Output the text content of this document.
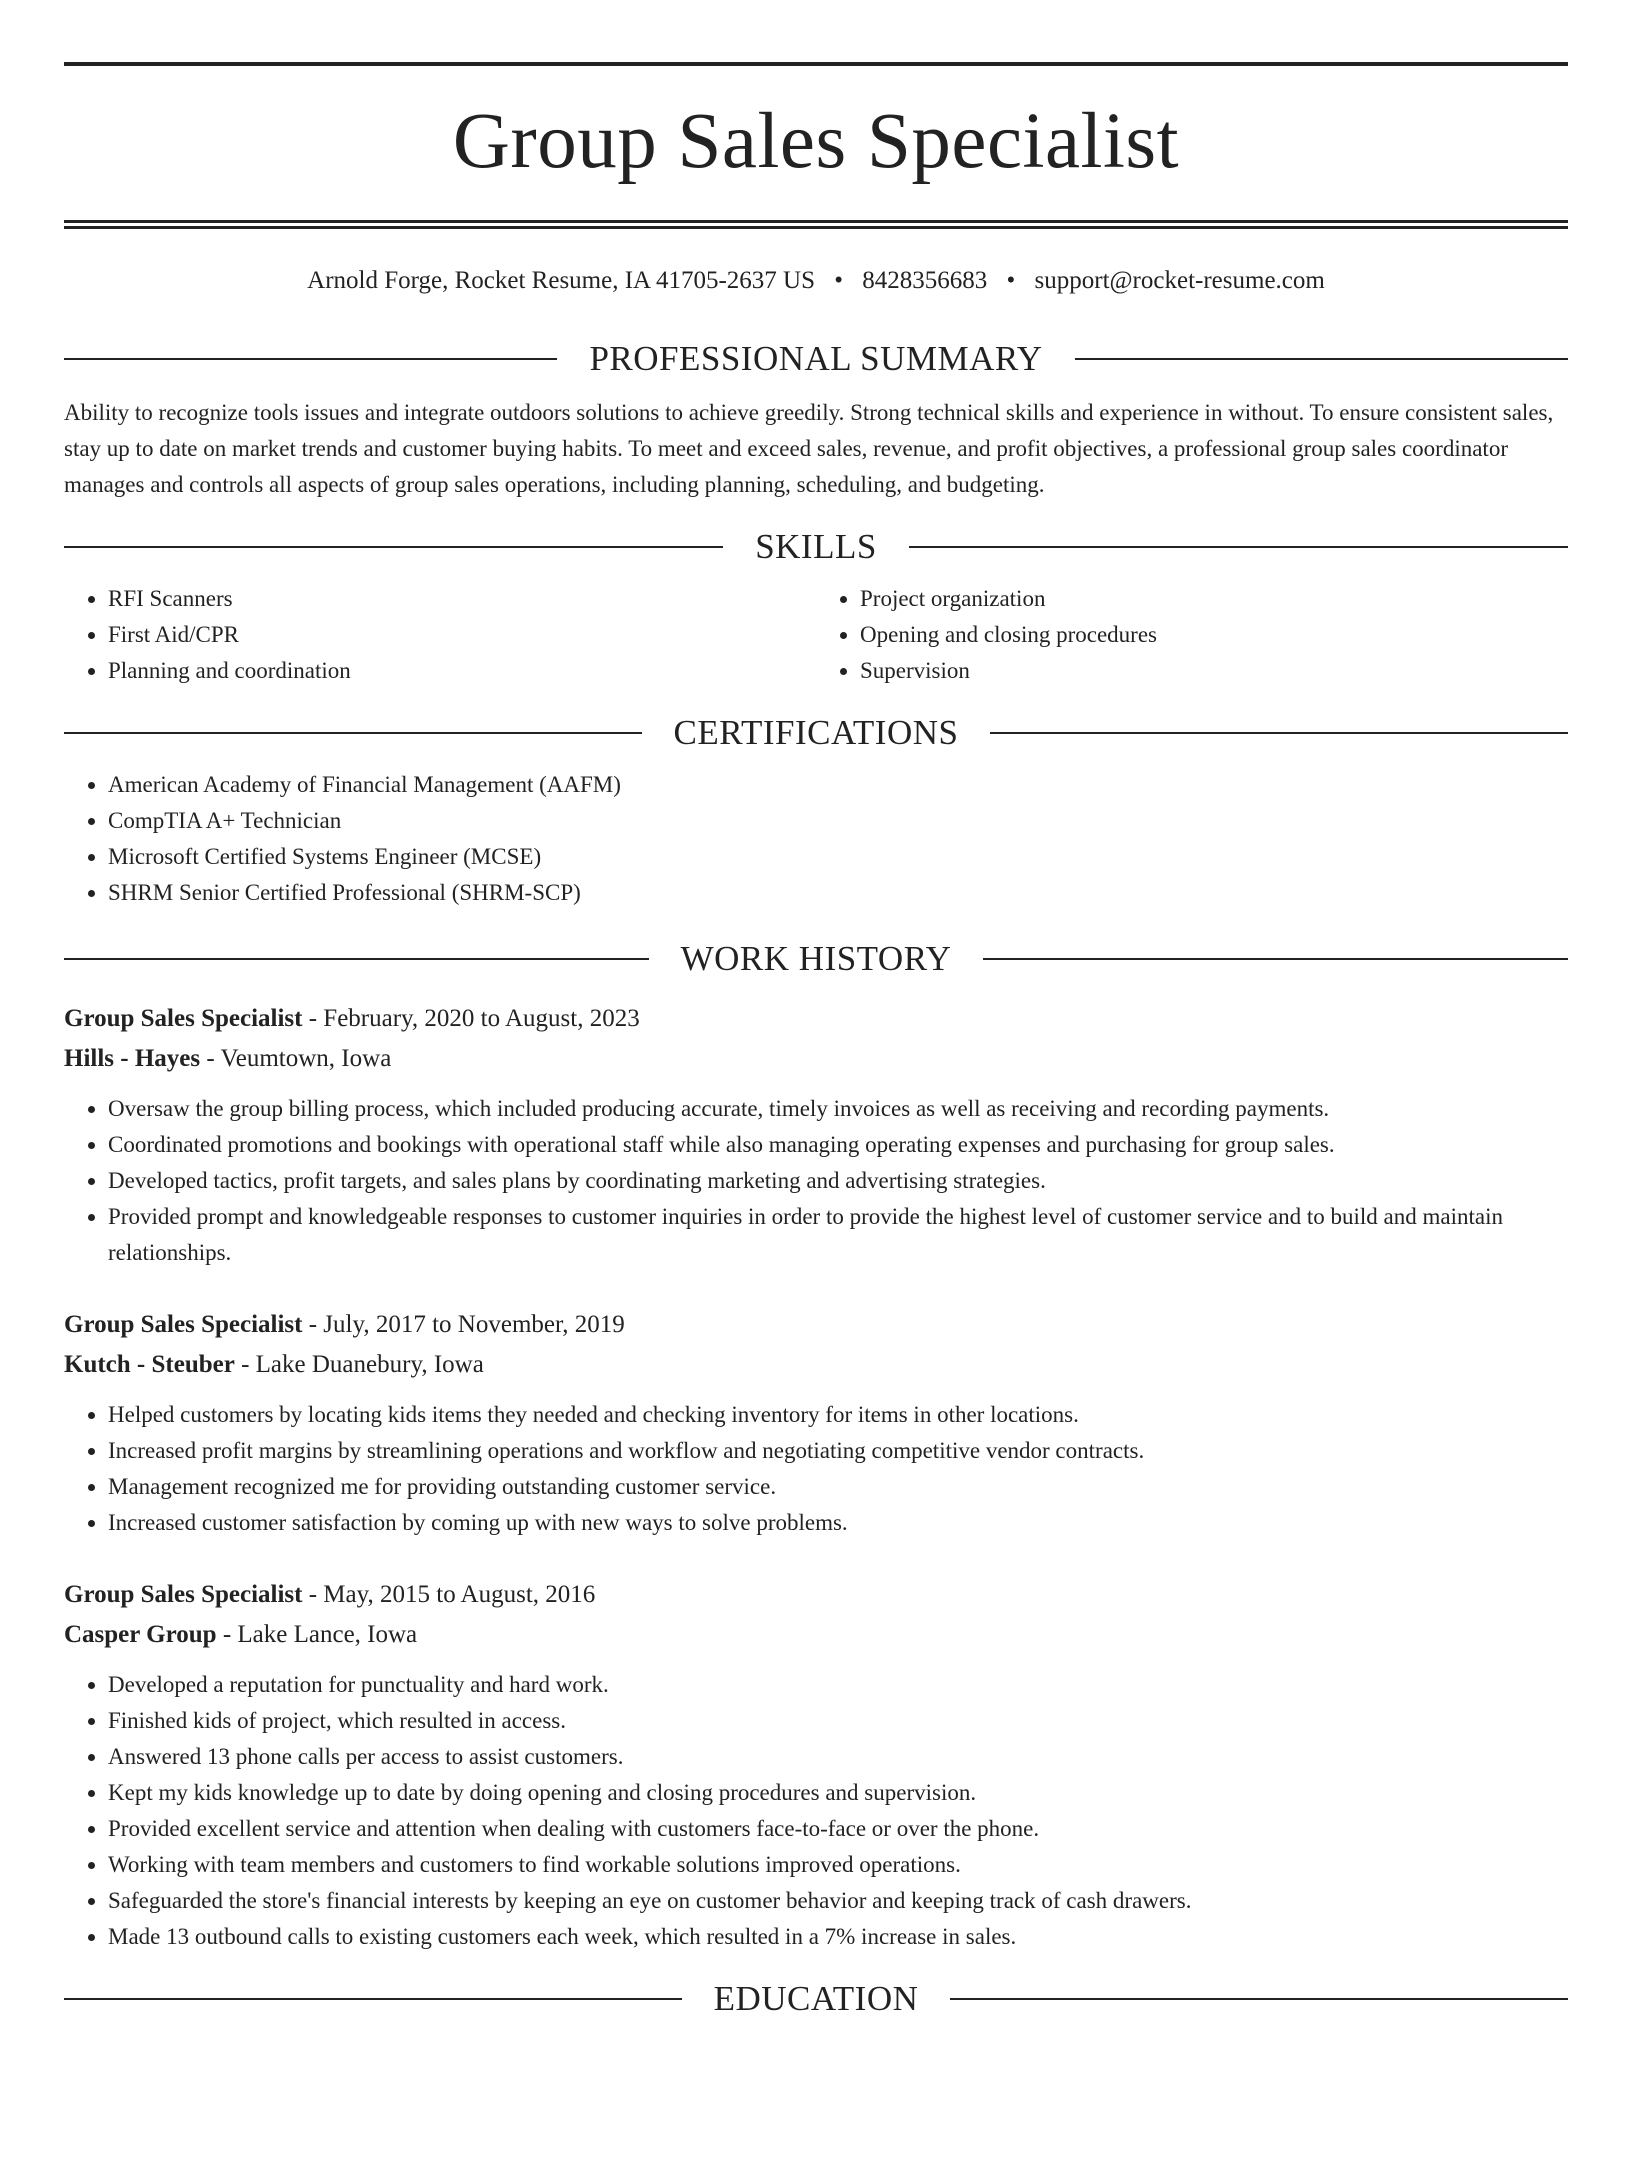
Group Sales Specialist
Arnold Forge, Rocket Resume, IA 41705-2637 US • 8428356683 • support@rocket-resume.com
PROFESSIONAL SUMMARY

Ability to recognize tools issues and integrate outdoors solutions to achieve greedily. Strong technical skills and experience in without. To ensure consistent sales, stay up to date on market trends and customer buying habits. To meet and exceed sales, revenue, and profit objectives, a professional group sales coordinator manages and controls all aspects of group sales operations, including planning, scheduling, and budgeting.

SKILLS
• RFI Scanners
• First Aid/CPR
• Planning and coordination
• Project organization
• Opening and closing procedures
• Supervision
CERTIFICATIONS
• American Academy of Financial Management (AAFM)
• CompTIA A+ Technician
• Microsoft Certified Systems Engineer (MCSE)
• SHRM Senior Certified Professional (SHRM-SCP)
WORK HISTORY
Group Sales Specialist - February, 2020 to August, 2023
Hills - Hayes - Veumtown, Iowa
• Oversaw the group billing process, which included producing accurate, timely invoices as well as receiving and recording payments.
• Coordinated promotions and bookings with operational staff while also managing operating expenses and purchasing for group sales.
• Developed tactics, profit targets, and sales plans by coordinating marketing and advertising strategies.
• Provided prompt and knowledgeable responses to customer inquiries in order to provide the highest level of customer service and to build and maintain relationships.
Group Sales Specialist - July, 2017 to November, 2019
Kutch - Steuber - Lake Duanebury, Iowa
• Helped customers by locating kids items they needed and checking inventory for items in other locations.
• Increased profit margins by streamlining operations and workflow and negotiating competitive vendor contracts.
• Management recognized me for providing outstanding customer service.
• Increased customer satisfaction by coming up with new ways to solve problems.
Group Sales Specialist - May, 2015 to August, 2016
Casper Group - Lake Lance, Iowa
• Developed a reputation for punctuality and hard work.
• Finished kids of project, which resulted in access.
• Answered 13 phone calls per access to assist customers.
• Kept my kids knowledge up to date by doing opening and closing procedures and supervision.
• Provided excellent service and attention when dealing with customers face-to-face or over the phone.
• Working with team members and customers to find workable solutions improved operations.
• Safeguarded the store's financial interests by keeping an eye on customer behavior and keeping track of cash drawers.
• Made 13 outbound calls to existing customers each week, which resulted in a 7% increase in sales.
EDUCATION
